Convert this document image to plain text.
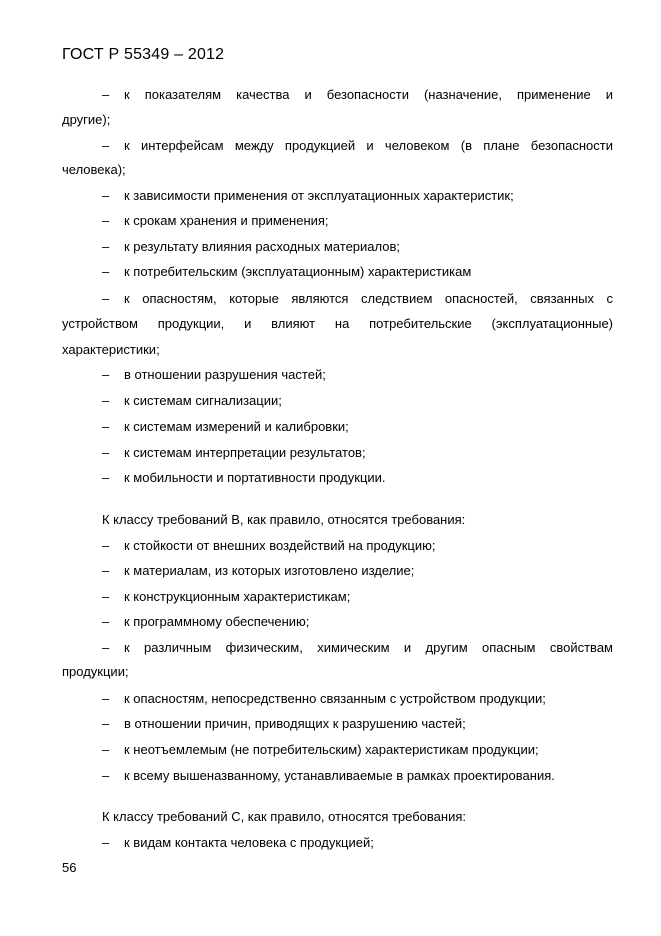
ГОСТ Р 55349 – 2012
– к показателям качества и безопасности (назначение, применение и
другие);
– к интерфейсам между продукцией и человеком (в плане безопасности
человека);
– к зависимости применения от эксплуатационных характеристик;
– к срокам хранения и применения;
– к результату влияния расходных материалов;
– к потребительским (эксплуатационным) характеристикам
– к опасностям, которые являются следствием опасностей, связанных с
устройством продукции, и влияют на потребительские (эксплуатационные)
характеристики;
– в отношении разрушения частей;
– к системам сигнализации;
– к системам измерений и калибровки;
– к системам интерпретации результатов;
– к мобильности и портативности продукции.
К классу требований В, как правило, относятся требования:
– к стойкости от внешних воздействий на продукцию;
– к материалам, из которых изготовлено изделие;
– к конструкционным характеристикам;
– к программному обеспечению;
– к различным физическим, химическим и другим опасным свойствам
продукции;
– к опасностям, непосредственно связанным с устройством продукции;
– в отношении причин, приводящих к разрушению частей;
– к неотъемлемым (не потребительским) характеристикам продукции;
– к всему вышеназванному, устанавливаемые в рамках проектирования.
К классу требований С, как правило, относятся требования:
– к видам контакта человека с продукцией;
56
